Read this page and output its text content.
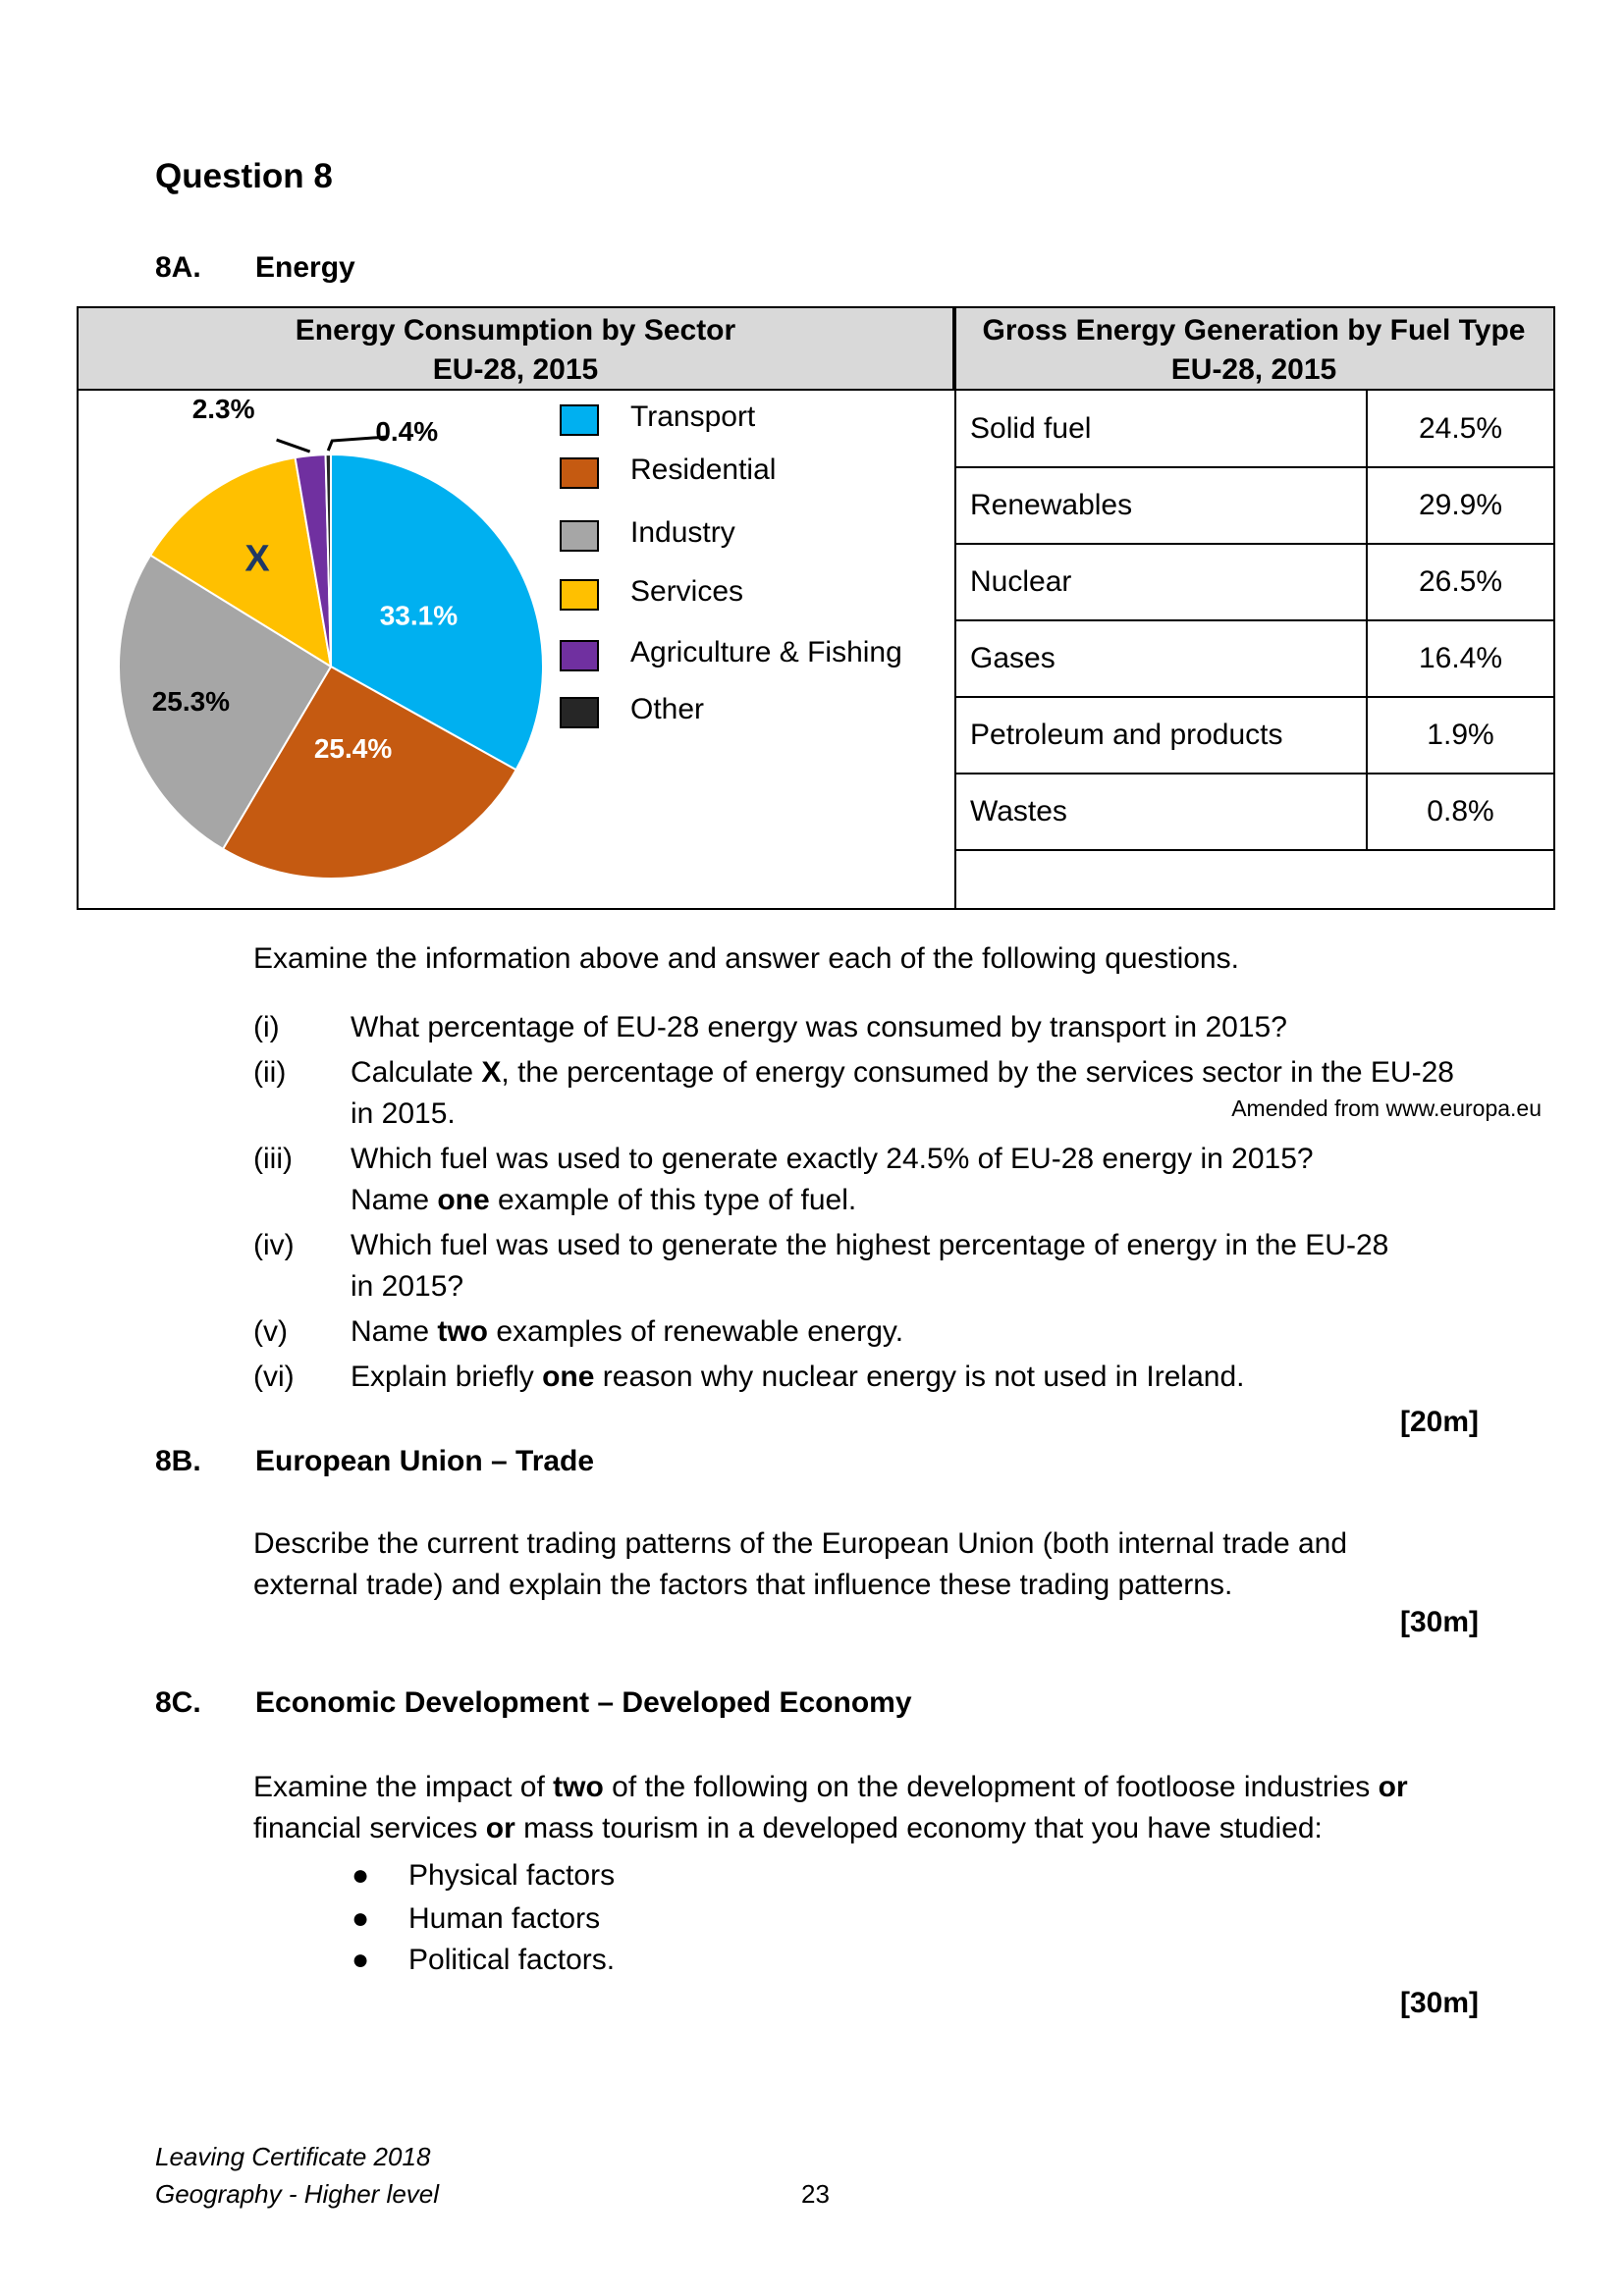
Question 8
8A. Energy
Energy Consumption by Sector
EU-28, 2015
Gross Energy Generation by Fuel Type
EU-28, 2015
33.1%
25.4%
25.3%
X
2.3%
0.4%	Transport
Residential
Industry
Services
Agriculture & Fishing
Other
Solid fuel	24.5%
Renewables	29.9%
Nuclear	26.5%
Gases	16.4%
Petroleum and products	1.9%
Wastes	0.8%
Amended from www.europa.eu
Examine the information above and answer each of the following questions.
(i) What percentage of EU-28 energy was consumed by transport in 2015?
(ii) Calculate X, the percentage of energy consumed by the services sector in the EU-28
in 2015.
(iii) Which fuel was used to generate exactly 24.5% of EU-28 energy in 2015?
Name one example of this type of fuel.
(iv) Which fuel was used to generate the highest percentage of energy in the EU-28
in 2015?
(v) Name two examples of renewable energy.
(vi) Explain briefly one reason why nuclear energy is not used in Ireland.
[20m]
8B. European Union – Trade
Describe the current trading patterns of the European Union (both internal trade and
external trade) and explain the factors that influence these trading patterns.
[30m]
8C. Economic Development – Developed Economy
Examine the impact of two of the following on the development of footloose industries or
financial services or mass tourism in a developed economy that you have studied:
● Physical factors
● Human factors
● Political factors.
[30m]
Leaving Certificate 2018
Geography - Higher level	23
